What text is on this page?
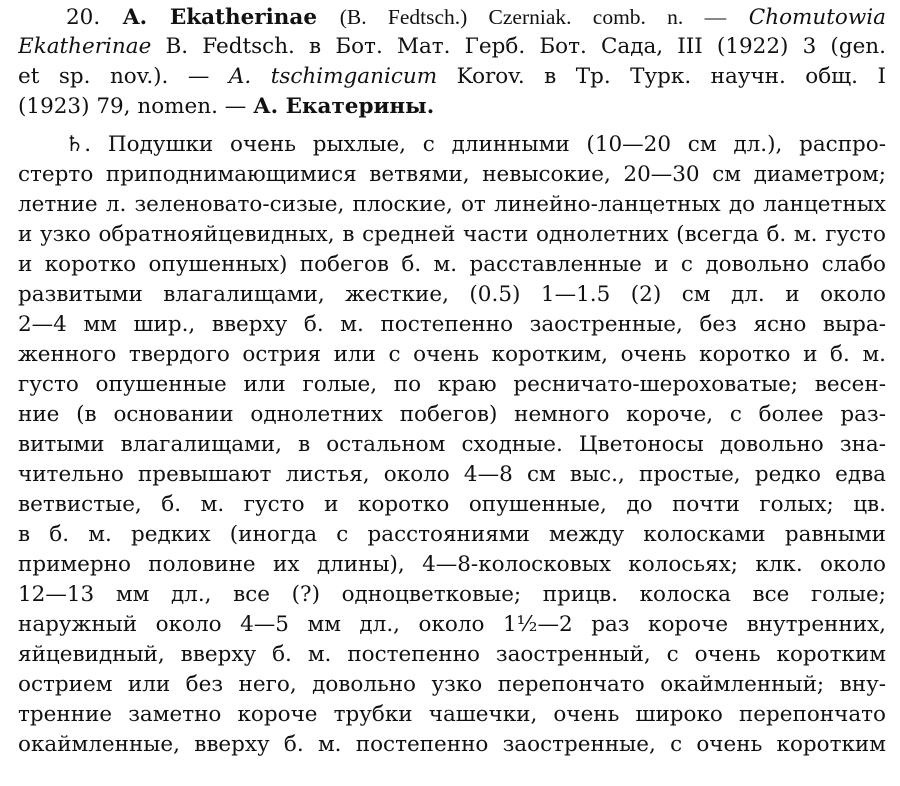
20. A. Ekatherinae (B. Fedtsch.) Czerniak. comb. n. — Chomutowia
Ekatherinae B. Fedtsch. в Бот. Мат. Герб. Бот. Сада, III (1922) 3 (gen.
et sp. nov.). — A. tschimganicum Korov. в Тр. Турк. научн. общ. I
(1923) 79, nomen. — А. Екатерины.
♄. Подушки очень рыхлые, с длинными (10—20 см дл.), распро-
стерто приподнимающимися ветвями, невысокие, 20—30 см диаметром;
летние л. зеленовато-сизые, плоские, от линейно-ланцетных до ланцетных
и узко обратнояйцевидных, в средней части однолетних (всегда б. м. густо
и коротко опушенных) побегов б. м. расставленные и с довольно слабо
развитыми влагалищами, жесткие, (0.5) 1—1.5 (2) см дл. и около
2—4 мм шир., вверху б. м. постепенно заостренные, без ясно выра-
женного твердого острия или с очень коротким, очень коротко и б. м.
густо опушенные или голые, по краю ресничато-шероховатые; весен-
ние (в основании однолетних побегов) немного короче, с более раз-
витыми влагалищами, в остальном сходные. Цветоносы довольно зна-
чительно превышают листья, около 4—8 см выс., простые, редко едва
ветвистые, б. м. густо и коротко опушенные, до почти голых; цв.
в б. м. редких (иногда с расстояниями между колосками равными
примерно половине их длины), 4—8-колосковых колосьях; клк. около
12—13 мм дл., все (?) одноцветковые; прицв. колоска все голые;
наружный около 4—5 мм дл., около 1½—2 раз короче внутренних,
яйцевидный, вверху б. м. постепенно заостренный, с очень коротким
острием или без него, довольно узко перепончато окаймленный; вну-
тренние заметно короче трубки чашечки, очень широко перепончато
окаймленные, вверху б. м. постепенно заостренные, с очень коротким
